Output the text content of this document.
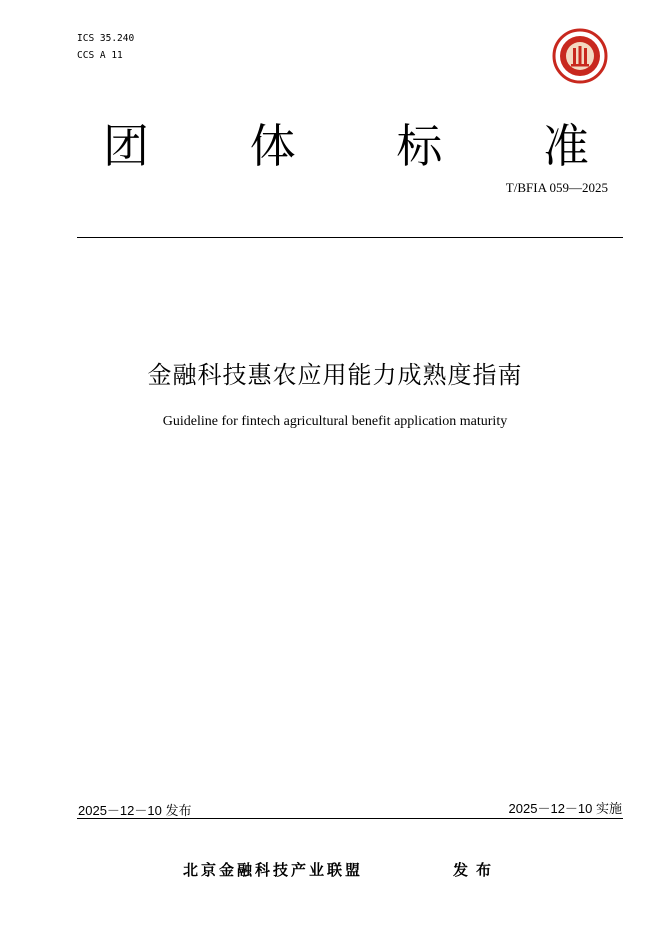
ICS 35.240
CCS A 11
团 体 标 准
T/BFIA 059—2025
金融科技惠农应用能力成熟度指南
Guideline for fintech agricultural benefit application maturity
2025－12－10 发布	2025－12－10 实施
北京金融科技产业联盟	发布
